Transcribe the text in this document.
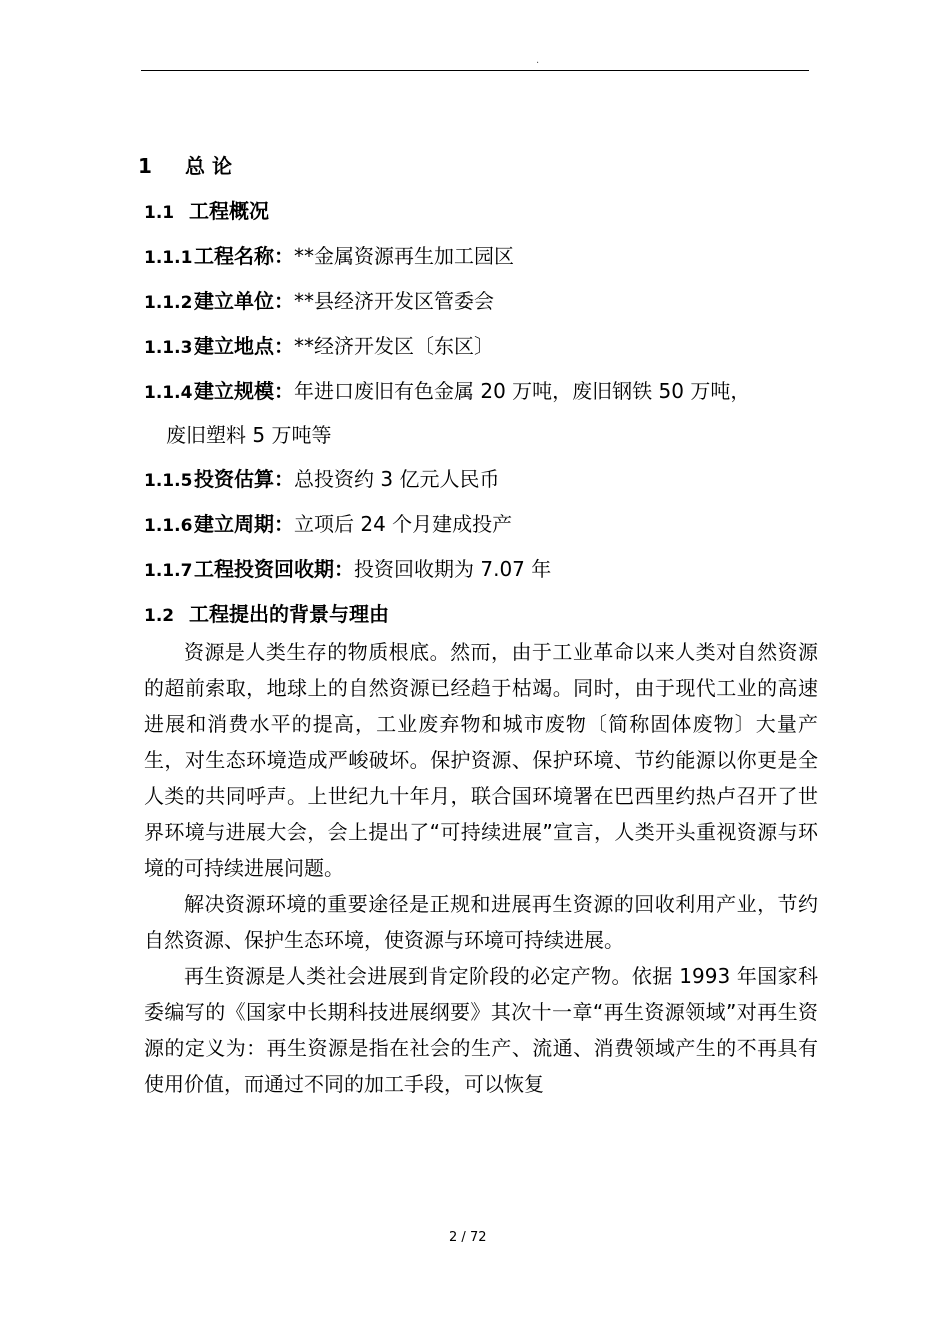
.
1 总 论
1.1 工程概况
1.1.1工程名称：**金属资源再生加工园区
1.1.2建立单位：**县经济开发区管委会
1.1.3建立地点：**经济开发区〔东区〕
1.1.4建立规模：年进口废旧有色金属 20 万吨，废旧钢铁 50 万吨，
废旧塑料 5 万吨等
1.1.5投资估算：总投资约 3 亿元人民币
1.1.6建立周期：立项后 24 个月建成投产
1.1.7工程投资回收期：投资回收期为 7.07 年
1.2 工程提出的背景与理由

资源是人类生存的物质根底。然而，由于工业革命以来人类对自然资源的超前索取，地球上的自然资源已经趋于枯竭。同时，由于现代工业的高速进展和消费水平的提高，工业废弃物和城市废物〔简称固体废物〕大量产生，对生态环境造成严峻破坏。保护资源、保护环境、节约能源以你更是全人类的共同呼声。上世纪九十年月，联合国环境署在巴西里约热卢召开了世界环境与进展大会，会上提出了“可持续进展”宣言，人类开头重视资源与环境的可持续进展问题。

解决资源环境的重要途径是正规和进展再生资源的回收利用产业，节约自然资源、保护生态环境，使资源与环境可持续进展。

再生资源是人类社会进展到肯定阶段的必定产物。依据 1993 年国家科委编写的《国家中长期科技进展纲要》其次十一章“再生资源领域”对再生资源的定义为：再生资源是指在社会的生产、流通、消费领域产生的不再具有使用价值，而通过不同的加工手段，可以恢复

2 / 72
